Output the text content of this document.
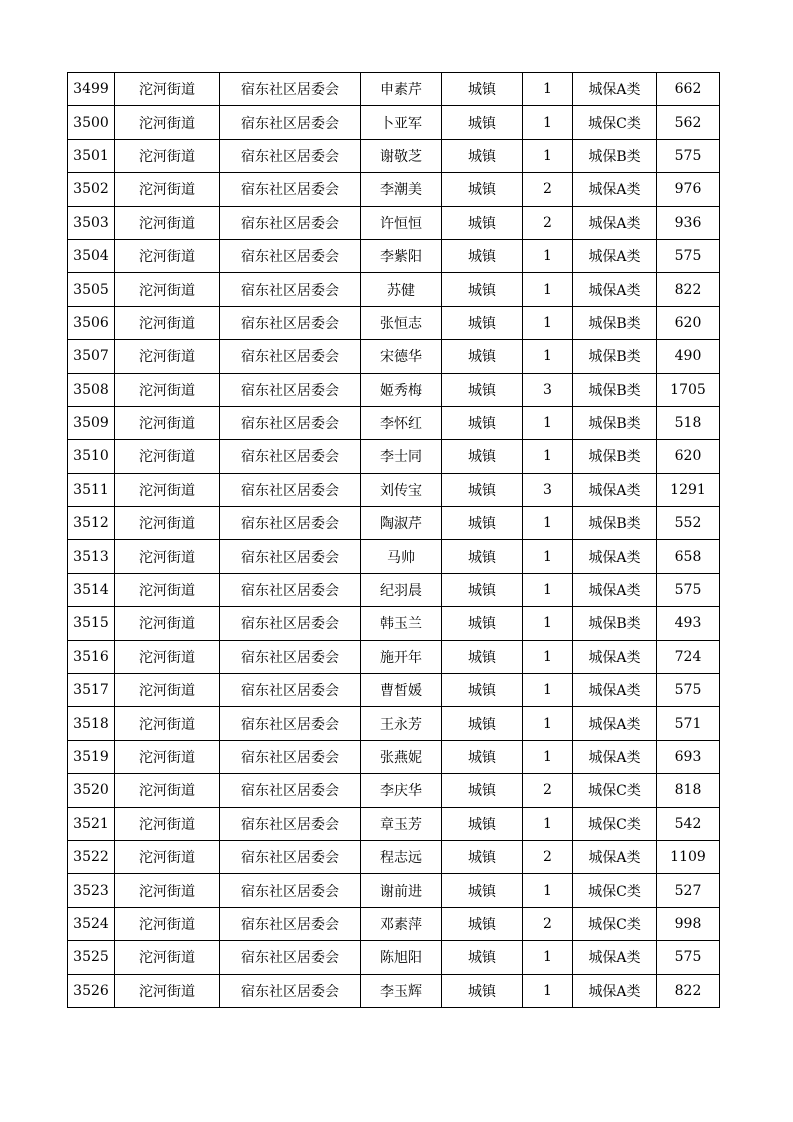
3499	沱河街道	宿东社区居委会	申素芹	城镇	1	城保A类	662
3500	沱河街道	宿东社区居委会	卜亚军	城镇	1	城保C类	562
3501	沱河街道	宿东社区居委会	谢敬芝	城镇	1	城保B类	575
3502	沱河街道	宿东社区居委会	李潮美	城镇	2	城保A类	976
3503	沱河街道	宿东社区居委会	许恒恒	城镇	2	城保A类	936
3504	沱河街道	宿东社区居委会	李紫阳	城镇	1	城保A类	575
3505	沱河街道	宿东社区居委会	苏健	城镇	1	城保A类	822
3506	沱河街道	宿东社区居委会	张恒志	城镇	1	城保B类	620
3507	沱河街道	宿东社区居委会	宋德华	城镇	1	城保B类	490
3508	沱河街道	宿东社区居委会	姬秀梅	城镇	3	城保B类	1705
3509	沱河街道	宿东社区居委会	李怀红	城镇	1	城保B类	518
3510	沱河街道	宿东社区居委会	李士同	城镇	1	城保B类	620
3511	沱河街道	宿东社区居委会	刘传宝	城镇	3	城保A类	1291
3512	沱河街道	宿东社区居委会	陶淑芹	城镇	1	城保B类	552
3513	沱河街道	宿东社区居委会	马帅	城镇	1	城保A类	658
3514	沱河街道	宿东社区居委会	纪羽晨	城镇	1	城保A类	575
3515	沱河街道	宿东社区居委会	韩玉兰	城镇	1	城保B类	493
3516	沱河街道	宿东社区居委会	施开年	城镇	1	城保A类	724
3517	沱河街道	宿东社区居委会	曹皙媛	城镇	1	城保A类	575
3518	沱河街道	宿东社区居委会	王永芳	城镇	1	城保A类	571
3519	沱河街道	宿东社区居委会	张燕妮	城镇	1	城保A类	693
3520	沱河街道	宿东社区居委会	李庆华	城镇	2	城保C类	818
3521	沱河街道	宿东社区居委会	章玉芳	城镇	1	城保C类	542
3522	沱河街道	宿东社区居委会	程志远	城镇	2	城保A类	1109
3523	沱河街道	宿东社区居委会	谢前进	城镇	1	城保C类	527
3524	沱河街道	宿东社区居委会	邓素萍	城镇	2	城保C类	998
3525	沱河街道	宿东社区居委会	陈旭阳	城镇	1	城保A类	575
3526	沱河街道	宿东社区居委会	李玉辉	城镇	1	城保A类	822
